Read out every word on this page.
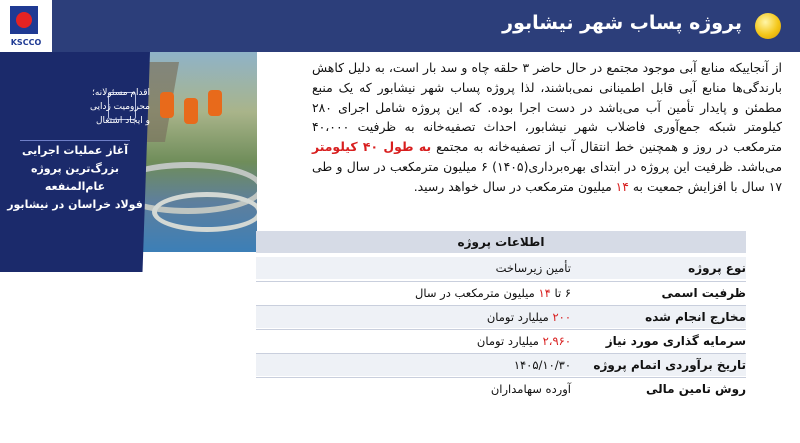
KSCCO
پروژه پساب شهر نیشابور
اقدام مسئولانه؛
محرومیت زدایی
و ایجاد اشتغال
آغاز عملیات اجرایی
بزرگ‌ترین پروژه عام‌المنفعه
فولاد خراسان در نیشابور
از آنجاییکه منابع آبی موجود مجتمع در حال حاضر ۳ حلقه چاه و سد بار است، به دلیل کاهش بارندگی‌ها منابع آبی قابل اطمینانی نمی‌باشند، لذا پروژه پساب شهر نیشابور که یک منبع مطمئن و پایدار تأمین آب می‌باشد در دست اجرا بوده. که این پروژه شامل اجرای ۲۸۰ کیلومتر شبکه جمع‌آوری فاضلاب شهر نیشابور، احداث تصفیه‌خانه به ظرفیت ۴۰،۰۰۰ مترمکعب در روز و همچنین خط انتقال آب از تصفیه‌خانه به مجتمع به طول ۴۰ کیلومتر می‌باشد. ظرفیت این پروژه در ابتدای بهره‌برداری(۱۴۰۵) ۶ میلیون مترمکعب در سال و طی ۱۷ سال با افزایش جمعیت به ۱۴ میلیون مترمکعب در سال خواهد رسید.
اطلاعات پروژه
نوع پروژه
تأمین زیرساخت
ظرفیت اسمی
۶ تا ۱۴ میلیون مترمکعب در سال
مخارج انجام شده
۲۰۰ میلیارد تومان
سرمایه گذاری مورد نیاز
۲،۹۶۰ میلیارد تومان
تاریخ برآوردی اتمام پروژه
۱۴۰۵/۱۰/۳۰
روش تامین مالی
آورده سهامداران
